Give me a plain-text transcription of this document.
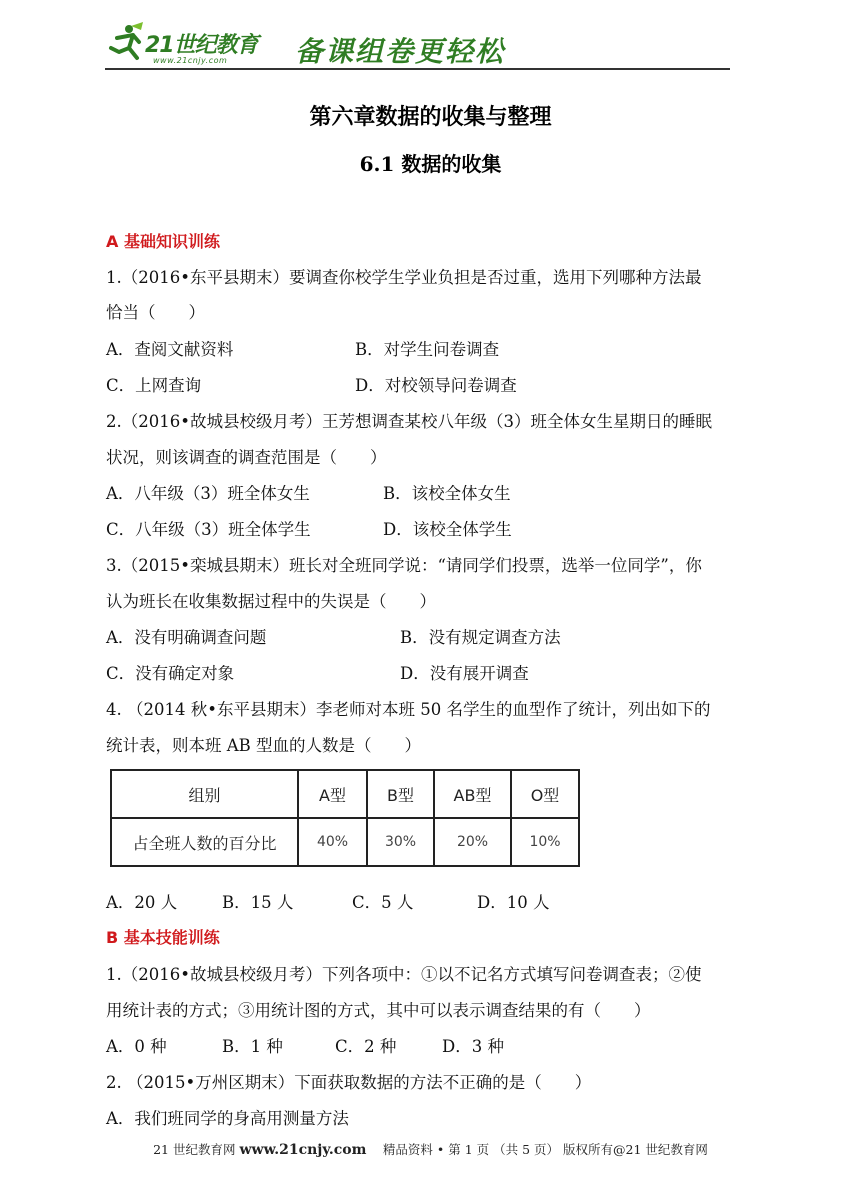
21世纪教育
www.21cnjy.com 备课组卷更轻松
第六章数据的收集与整理
6.1 数据的收集
A 基础知识训练
1.（2016•东平县期末）要调查你校学生学业负担是否过重，选用下列哪种方法最
恰当（　　）
A．查阅文献资料	B．对学生问卷调查
C．上网查询	D．对校领导问卷调查
2.（2016•故城县校级月考）王芳想调查某校八年级（3）班全体女生星期日的睡眠
状况，则该调查的调查范围是（　　）
A．八年级（3）班全体女生	B．该校全体女生
C．八年级（3）班全体学生	D．该校全体学生
3.（2015•栾城县期末）班长对全班同学说：“请同学们投票，选举一位同学”，你
认为班长在收集数据过程中的失误是（　　）
A．没有明确调查问题	B．没有规定调查方法
C．没有确定对象	D．没有展开调查
4. （2014 秋•东平县期末）李老师对本班 50 名学生的血型作了统计，列出如下的
统计表，则本班 AB 型血的人数是（　　）
组别	A型	B型	AB型	O型
占全班人数的百分比	40%	30%	20%	10%
A．20 人	B．15 人	C．5 人	D．10 人
B 基本技能训练
1.（2016•故城县校级月考）下列各项中：①以不记名方式填写问卷调查表；②使
用统计表的方式；③用统计图的方式，其中可以表示调查结果的有（　　）
A．0 种	B．1 种	C．2 种	D．3 种
2. （2015•万州区期末）下面获取数据的方法不正确的是（　　）
A．我们班同学的身高用测量方法
21 世纪教育网 www.21cnjy.com 　精品资料 • 第 1 页 （共 5 页） 版权所有@21 世纪教育网
